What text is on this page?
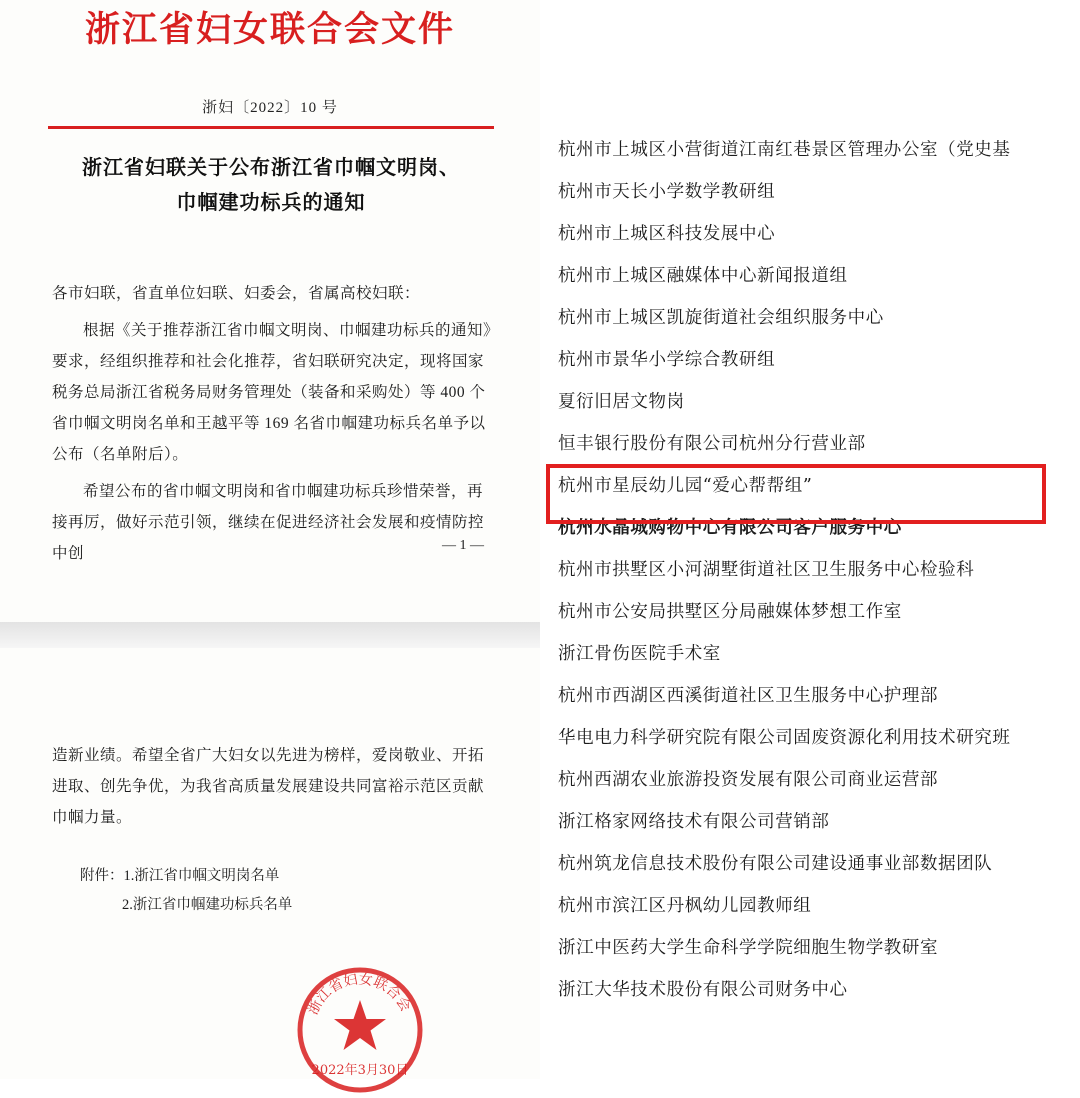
浙江省妇女联合会文件
浙妇〔2022〕10 号
浙江省妇联关于公布浙江省巾帼文明岗、
巾帼建功标兵的通知

各市妇联，省直单位妇联、妇委会，省属高校妇联：

根据《关于推荐浙江省巾帼文明岗、巾帼建功标兵的通知》要求，经组织推荐和社会化推荐，省妇联研究决定，现将国家税务总局浙江省税务局财务管理处（装备和采购处）等 400 个省巾帼文明岗名单和王越平等 169 名省巾帼建功标兵名单予以公布（名单附后）。

希望公布的省巾帼文明岗和省巾帼建功标兵珍惜荣誉，再接再厉，做好示范引领，继续在促进经济社会发展和疫情防控中创	— 1 —

造新业绩。希望全省广大妇女以先进为榜样，爱岗敬业、开拓进取、创先争优，为我省高质量发展建设共同富裕示范区贡献巾帼力量。

附件：1.浙江省巾帼文明岗名单
2.浙江省巾帼建功标兵名单
浙江省妇女联合会
2022年3月30日
杭州市上城区小营街道江南红巷景区管理办公室（党史基
杭州市天长小学数学教研组
杭州市上城区科技发展中心
杭州市上城区融媒体中心新闻报道组
杭州市上城区凯旋街道社会组织服务中心
杭州市景华小学综合教研组
夏衍旧居文物岗
恒丰银行股份有限公司杭州分行营业部
杭州市星辰幼儿园“爱心帮帮组”
杭州水晶城购物中心有限公司客户服务中心
杭州市拱墅区小河湖墅街道社区卫生服务中心检验科
杭州市公安局拱墅区分局融媒体梦想工作室
浙江骨伤医院手术室
杭州市西湖区西溪街道社区卫生服务中心护理部
华电电力科学研究院有限公司固废资源化利用技术研究班
杭州西湖农业旅游投资发展有限公司商业运营部
浙江格家网络技术有限公司营销部
杭州筑龙信息技术股份有限公司建设通事业部数据团队
杭州市滨江区丹枫幼儿园教师组
浙江中医药大学生命科学学院细胞生物学教研室
浙江大华技术股份有限公司财务中心
